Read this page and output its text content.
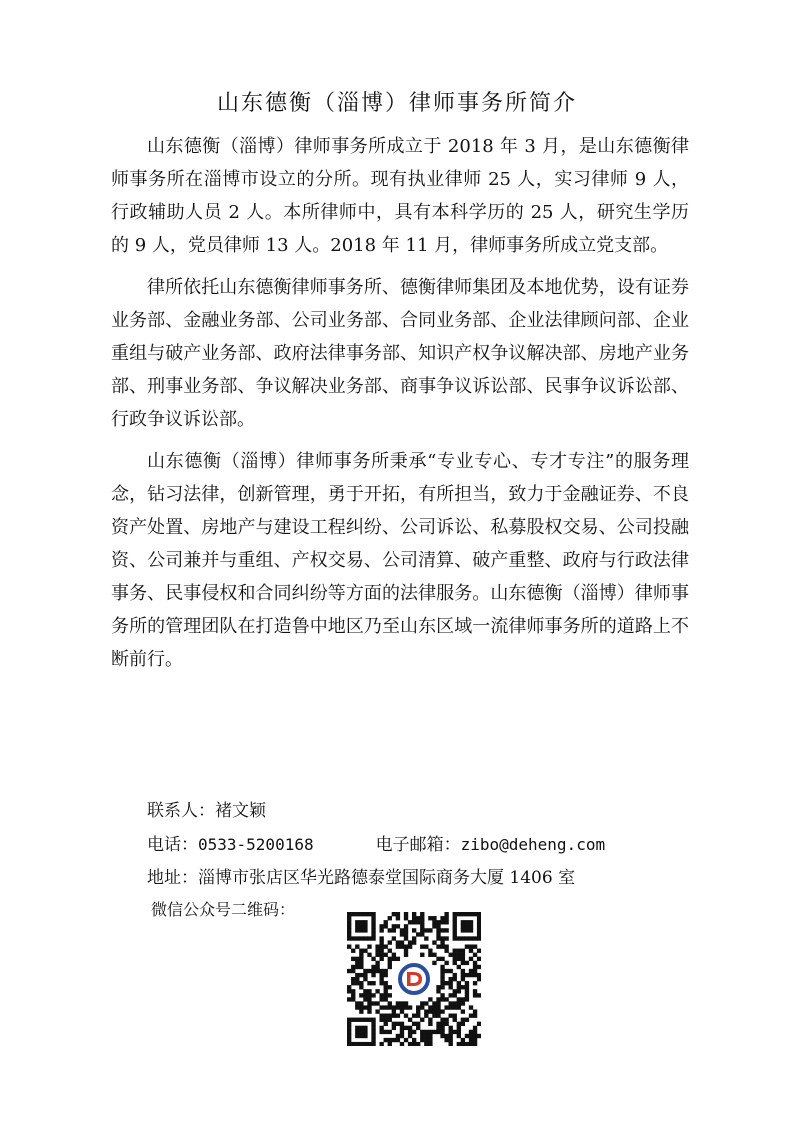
山东德衡（淄博）律师事务所简介

山东德衡（淄博）律师事务所成立于 2018 年 3 月，是山东德衡律师事务所在淄博市设立的分所。现有执业律师 25 人，实习律师 9 人，行政辅助人员 2 人。本所律师中，具有本科学历的 25 人，研究生学历的 9 人，党员律师 13 人。2018 年 11 月，律师事务所成立党支部。

律所依托山东德衡律师事务所、德衡律师集团及本地优势，设有证券业务部、金融业务部、公司业务部、合同业务部、企业法律顾问部、企业重组与破产业务部、政府法律事务部、知识产权争议解决部、房地产业务部、刑事业务部、争议解决业务部、商事争议诉讼部、民事争议诉讼部、行政争议诉讼部。

山东德衡（淄博）律师事务所秉承“专业专心、专才专注”的服务理念，钻习法律，创新管理，勇于开拓，有所担当，致力于金融证券、不良资产处置、房地产与建设工程纠纷、公司诉讼、私募股权交易、公司投融资、公司兼并与重组、产权交易、公司清算、破产重整、政府与行政法律事务、民事侵权和合同纠纷等方面的法律服务。山东德衡（淄博）律师事务所的管理团队在打造鲁中地区乃至山东区域一流律师事务所的道路上不断前行。

联系人：褚文颖
电话：0533-5200168	电子邮箱：zibo@deheng.com
地址：淄博市张店区华光路德泰堂国际商务大厦 1406 室
微信公众号二维码：
